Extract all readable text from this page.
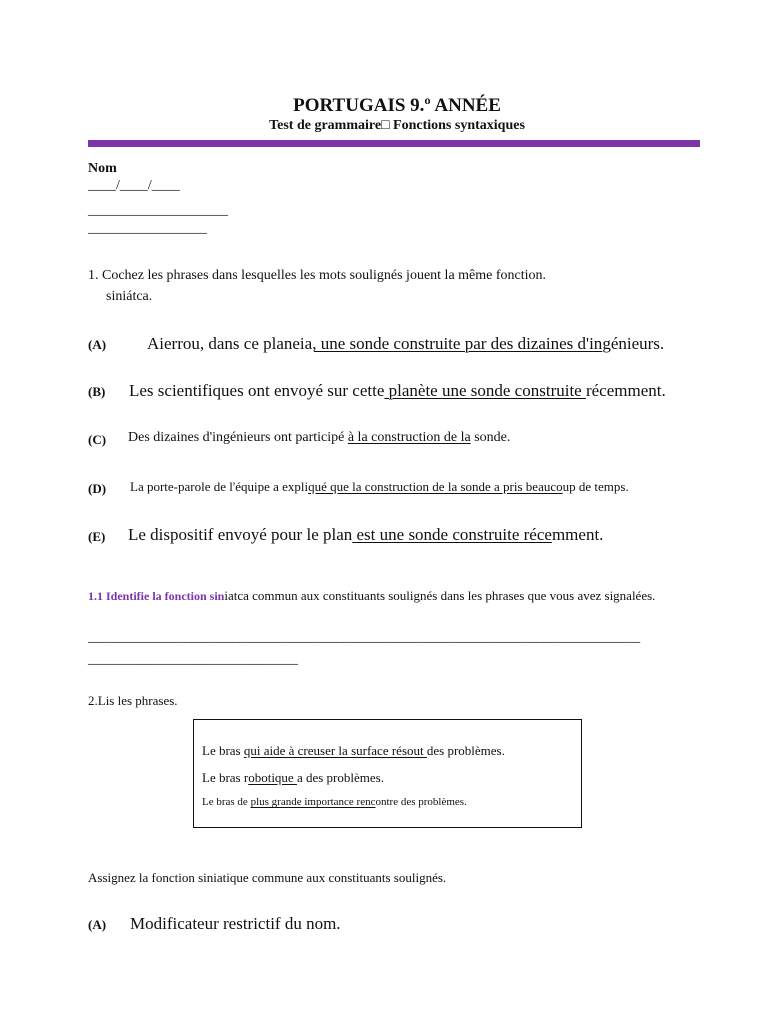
PORTUGAIS 9.º ANNÉE
Test de grammaire□ Fonctions syntaxiques
Nom
____/____/____
____________________
_________________
1. Cochez les phrases dans lesquelles les mots soulignés jouent la même fonction.
siniátca.
(A) Aierrou, dans ce planeia, une sonde construite par des dizaines d'ingénieurs.
(B) Les scientifiques ont envoyé sur cette planète une sonde construite récemment.
(C) Des dizaines d'ingénieurs ont participé à la construction de la sonde.
(D) La porte-parole de l'équipe a expliqué que la construction de la sonde a pris beaucoup de temps.
(E) Le dispositif envoyé pour le plan est une sonde construite récemment.
1.1 Identifie la fonction siniatca commun aux constituants soulignés dans les phrases que vous avez signalées.
________________________________________________________________________________
______________________________
2.Lis les phrases.
Le bras qui aide à creuser la surface résout des problèmes.
Le bras robotique a des problèmes.
Le bras de plus grande importance rencontre des problèmes.
Assignez la fonction siniatique commune aux constituants soulignés.
(A) Modificateur restrictif du nom.
